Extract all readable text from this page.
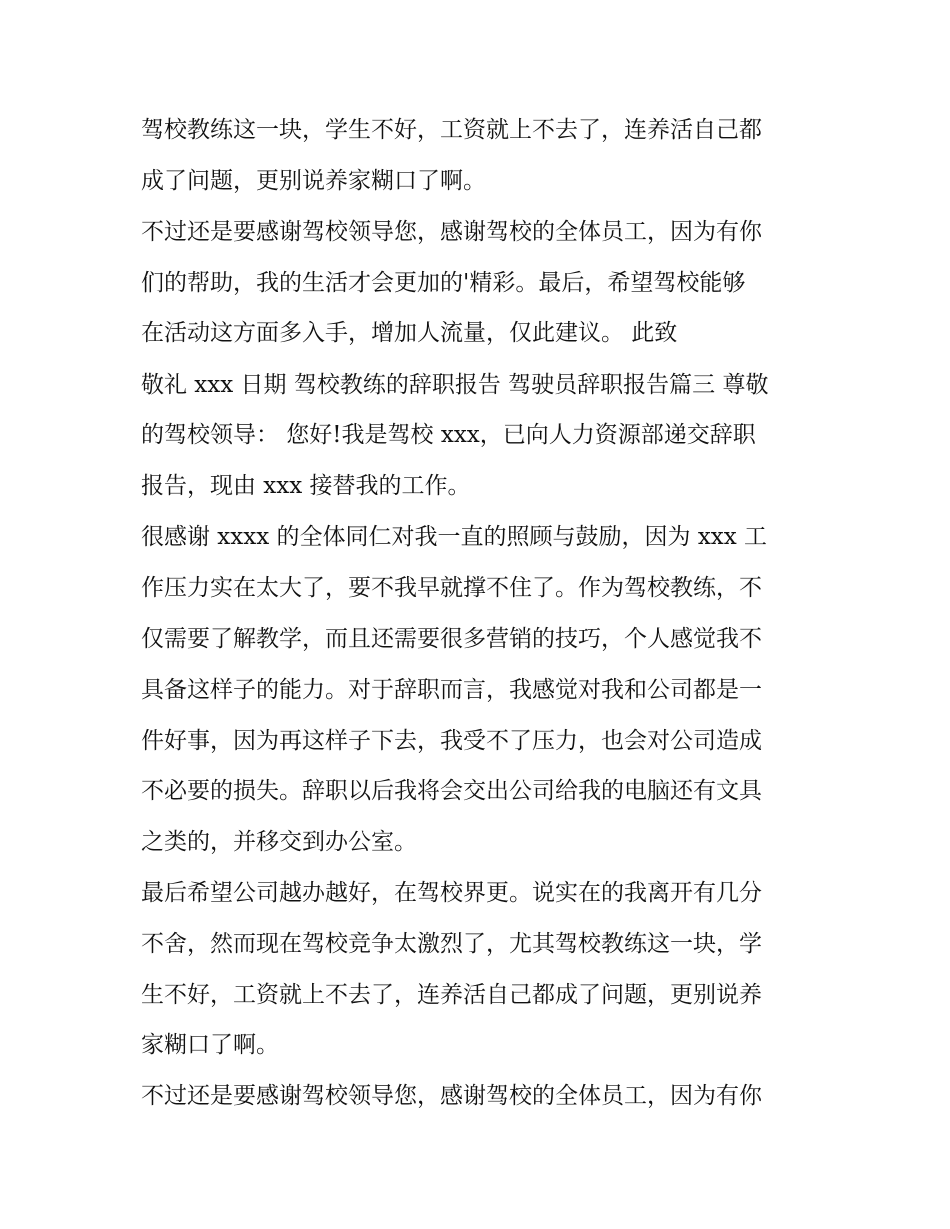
驾校教练这一块，学生不好，工资就上不去了，连养活自己都

成了问题，更别说养家糊口了啊。

不过还是要感谢驾校领导您，感谢驾校的全体员工，因为有你

们的帮助，我的生活才会更加的'精彩。最后，希望驾校能够

在活动这方面多入手，增加人流量，仅此建议。 此致

敬礼 xxx 日期 驾校教练的辞职报告 驾驶员辞职报告篇三 尊敬

的驾校领导： 您好!我是驾校 xxx，已向人力资源部递交辞职

报告，现由 xxx 接替我的工作。

很感谢 xxxx 的全体同仁对我一直的照顾与鼓励，因为 xxx 工

作压力实在太大了，要不我早就撑不住了。作为驾校教练，不

仅需要了解教学，而且还需要很多营销的技巧，个人感觉我不

具备这样子的能力。对于辞职而言，我感觉对我和公司都是一

件好事，因为再这样子下去，我受不了压力，也会对公司造成

不必要的损失。辞职以后我将会交出公司给我的电脑还有文具

之类的，并移交到办公室。

最后希望公司越办越好，在驾校界更。说实在的我离开有几分

不舍，然而现在驾校竞争太激烈了，尤其驾校教练这一块，学

生不好，工资就上不去了，连养活自己都成了问题，更别说养

家糊口了啊。

不过还是要感谢驾校领导您，感谢驾校的全体员工，因为有你
